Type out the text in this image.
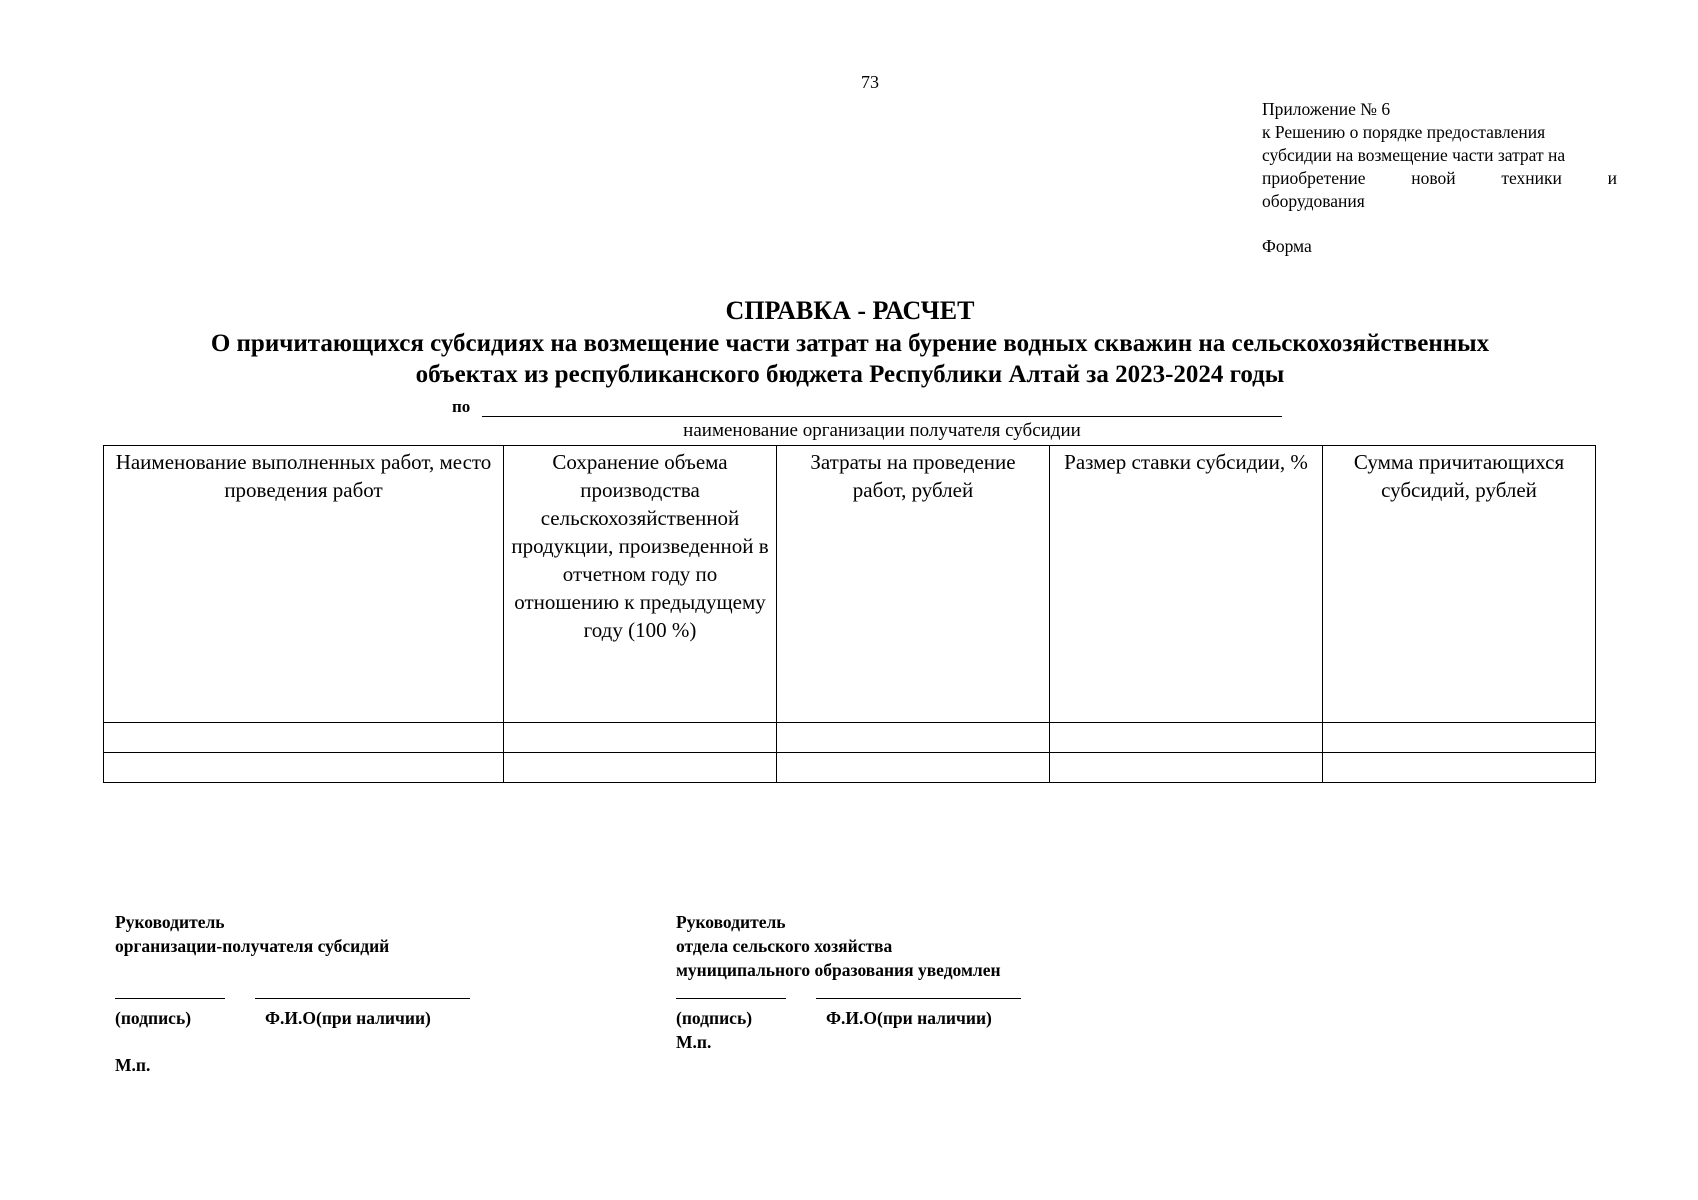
73
Приложение № 6
к Решению о порядке предоставления
субсидии на возмещение части затрат на
приобретение новой техники и
оборудования
Форма
СПРАВКА - РАСЧЕТ
О причитающихся субсидиях на возмещение части затрат на бурение водных скважин на сельскохозяйственных
объектах из республиканского бюджета Республики Алтай за 2023-2024 годы
по
наименование организации получателя субсидии
Наименование выполненных работ, место проведения работ	Сохранение объема производства сельскохозяйственной продукции, произведенной в отчетном году по отношению к предыдущему году (100 %)	Затраты на проведение работ, рублей	Размер ставки субсидии, %	Сумма причитающихся субсидий, рублей

Руководитель
организации-получателя субсидий
(подпись)	Ф.И.О(при наличии)
М.п.
Руководитель
отдела сельского хозяйства
муниципального образования уведомлен
(подпись)	Ф.И.О(при наличии)
М.п.
